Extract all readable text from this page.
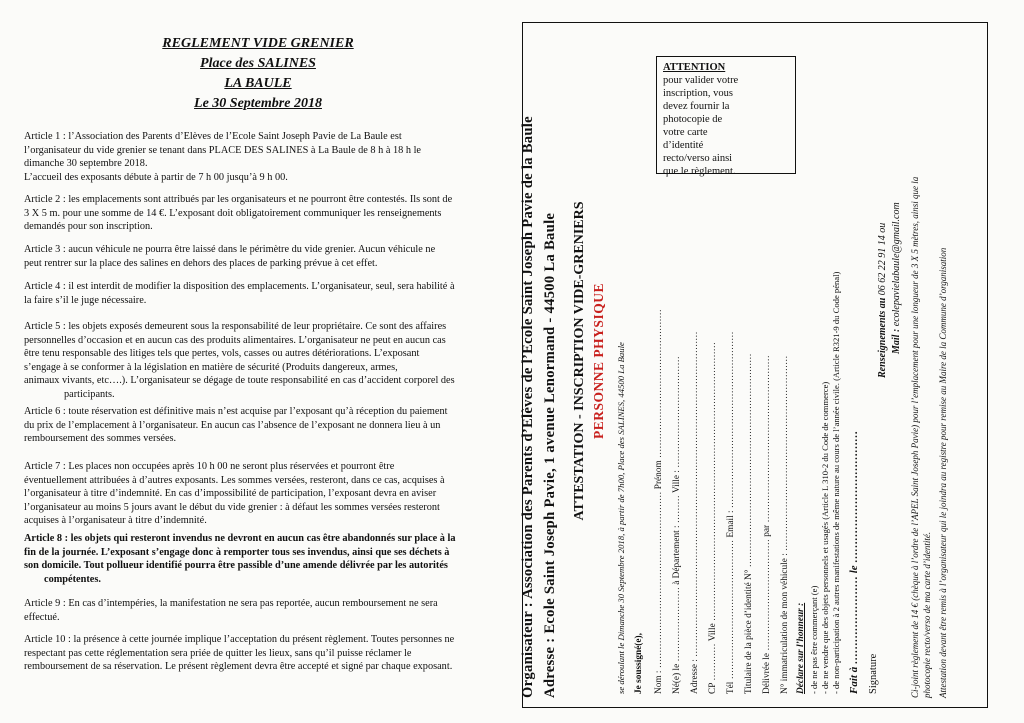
REGLEMENT VIDE GRENIER
Place des SALINES
LA BAULE
Le 30 Septembre 2018
Article 1 : l’Association des Parents d’Elèves de l’Ecole Saint Joseph Pavie de La Baule est
l’organisateur du vide grenier se tenant dans PLACE DES SALINES à La Baule de 8 h à 18 h le
dimanche 30 septembre 2018.
L’accueil des exposants débute à partir de 7 h 00 jusqu’à 9 h 00.
Article 2 : les emplacements sont attribués par les organisateurs et ne pourront être contestés. Ils sont de
3 X 5 m. pour une somme de 14 €. L’exposant doit obligatoirement communiquer les renseignements
demandés pour son inscription.
Article 3 : aucun véhicule ne pourra être laissé dans le périmètre du vide grenier. Aucun véhicule ne
peut rentrer sur la place des salines en dehors des places de parking prévue à cet effet.
Article 4 : il est interdit de modifier la disposition des emplacements. L’organisateur, seul, sera habilité à
la faire s’il le juge nécessaire.
Article 5 : les objets exposés demeurent sous la responsabilité de leur propriétaire. Ce sont des affaires
personnelles d’occasion et en aucun cas des produits alimentaires. L’organisateur ne peut en aucun cas
être tenu responsable des litiges tels que pertes, vols, casses ou autres détériorations. L’exposant
s’engage à se conformer à la législation en matière de sécurité (Produits dangereux, armes,
animaux vivants, etc….). L’organisateur se dégage de toute responsabilité en cas d’accident corporel des
participants.
Article 6 : toute réservation est définitive mais n’est acquise par l’exposant qu’à réception du paiement
du prix de l’emplacement à l’organisateur. En aucun cas l’absence de l’exposant ne donnera lieu à un
remboursement des sommes versées.
Article 7 : Les places non occupées après 10 h 00 ne seront plus réservées et pourront être
éventuellement attribuées à d’autres exposants. Les sommes versées, resteront, dans ce cas, acquises à
l’organisateur à titre d’indemnité. En cas d’impossibilité de participation, l’exposant devra en aviser
l’organisateur au moins 5 jours avant le début du vide grenier : à défaut les sommes versées resteront
acquises à l’organisateur à titre d’indemnité.
Article 8 : les objets qui resteront invendus ne devront en aucun cas être abandonnés sur place à la
fin de la journée. L’exposant s’engage donc à remporter tous ses invendus, ainsi que ses déchets à
son domicile. Tout pollueur identifié pourra être passible d’une amende délivrée par les autorités
compétentes.
Article 9 : En cas d’intempéries, la manifestation ne sera pas reportée, aucun remboursement ne sera
effectué.
Article 10 : la présence à cette journée implique l’acceptation du présent règlement. Toutes personnes ne
respectant pas cette réglementation sera priée de quitter les lieux, sans qu’il puisse réclamer le
remboursement de sa réservation. Le présent règlement devra être accepté et signé par chaque exposant.	Organisateur : Association des Parents d’Elèves de l’Ecole Saint Joseph Pavie de la Baule Adresse : Ecole Saint Joseph Pavie, 1 avenue Lenormand - 44500 La Baule ATTESTATION - INSCRIPTION VIDE-GRENIERS PERSONNE PHYSIQUE se déroulant le Dimanche 30 Septembre 2018, à partir de 7h00, Place des SALINES, 44500 La Baule Je soussigné(e), Nom : ………………………………………………… Prénom ………………………………………… Né(e) le …………………… à Département : ……… Ville : ……………………………… Adresse : …………………………………………………………………………………………… CP ………… Ville ……………………………………………………………………………… Tél ……………………………………… Email : ………………………………………………… Titulaire de la pièce d’identité N° …………………………………………………………… Délivrée le ……………………………… par ……………………………………………… N° immatriculation de mon véhicule : ……………………………………………………… Déclare sur l’honneur : - de ne pas être commerçant (e) - de ne vendre que des objets personnels et usagés (Article L 310-2 du Code de commerce) - de non-participation à 2 autres manifestations de même nature au cours de l’année civile. (Article R321-9 du Code pénal) Fait à …………………… le ……………………………… Signature
Renseignements au 06 62 22 91 14 ou
Mail : ecolepavielabaule@gmail.com Ci-joint règlement de 14 € (chèque à l’ordre de l’APEL Saint Joseph Pavie) pour l’emplacement pour une longueur de 3 X 5 mètres, ainsi que la photocopie recto/verso de ma carte d’identité. Attestation devant être remis à l’organisateur qui le joindra au registre pour remise au Maire de la Commune d’organisation
ATTENTION
pour valider votre
inscription, vous
devez fournir la
photocopie de
votre carte
d’identité
recto/verso ainsi
que le règlement.
